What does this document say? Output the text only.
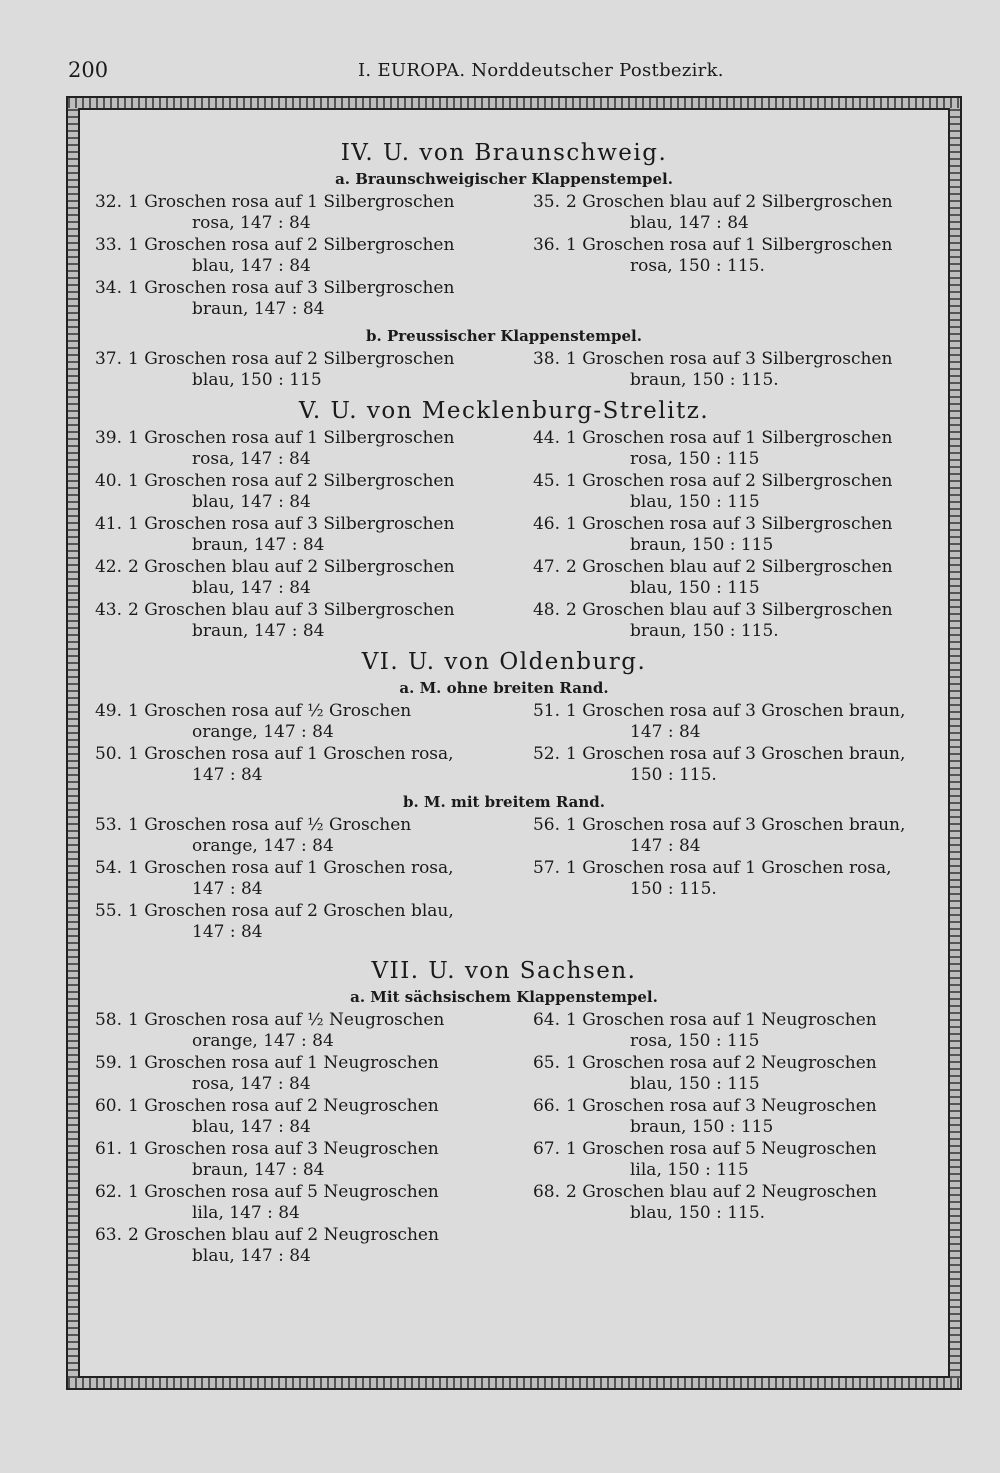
200	I. EUROPA. Norddeutscher Postbezirk.
IV. U. von Braunschweig.
a. Braunschweigischer Klappenstempel.
32. 1 Groschen rosa auf 1 Silbergroschen
rosa, 147 : 84
33. 1 Groschen rosa auf 2 Silbergroschen
blau, 147 : 84
34. 1 Groschen rosa auf 3 Silbergroschen
braun, 147 : 84
35. 2 Groschen blau auf 2 Silbergroschen
blau, 147 : 84
36. 1 Groschen rosa auf 1 Silbergroschen
rosa, 150 : 115.
b. Preussischer Klappenstempel.
37. 1 Groschen rosa auf 2 Silbergroschen
blau, 150 : 115
38. 1 Groschen rosa auf 3 Silbergroschen
braun, 150 : 115.
V. U. von Mecklenburg-Strelitz.
39. 1 Groschen rosa auf 1 Silbergroschen
rosa, 147 : 84
40. 1 Groschen rosa auf 2 Silbergroschen
blau, 147 : 84
41. 1 Groschen rosa auf 3 Silbergroschen
braun, 147 : 84
42. 2 Groschen blau auf 2 Silbergroschen
blau, 147 : 84
43. 2 Groschen blau auf 3 Silbergroschen
braun, 147 : 84
44. 1 Groschen rosa auf 1 Silbergroschen
rosa, 150 : 115
45. 1 Groschen rosa auf 2 Silbergroschen
blau, 150 : 115
46. 1 Groschen rosa auf 3 Silbergroschen
braun, 150 : 115
47. 2 Groschen blau auf 2 Silbergroschen
blau, 150 : 115
48. 2 Groschen blau auf 3 Silbergroschen
braun, 150 : 115.
VI. U. von Oldenburg.
a. M. ohne breiten Rand.
49. 1 Groschen rosa auf ½ Groschen
orange, 147 : 84
50. 1 Groschen rosa auf 1 Groschen rosa,
147 : 84
51. 1 Groschen rosa auf 3 Groschen braun,
147 : 84
52. 1 Groschen rosa auf 3 Groschen braun,
150 : 115.
b. M. mit breitem Rand.
53. 1 Groschen rosa auf ½ Groschen
orange, 147 : 84
54. 1 Groschen rosa auf 1 Groschen rosa,
147 : 84
55. 1 Groschen rosa auf 2 Groschen blau,
147 : 84
56. 1 Groschen rosa auf 3 Groschen braun,
147 : 84
57. 1 Groschen rosa auf 1 Groschen rosa,
150 : 115.
VII. U. von Sachsen.
a. Mit sächsischem Klappenstempel.
58. 1 Groschen rosa auf ½ Neugroschen
orange, 147 : 84
59. 1 Groschen rosa auf 1 Neugroschen
rosa, 147 : 84
60. 1 Groschen rosa auf 2 Neugroschen
blau, 147 : 84
61. 1 Groschen rosa auf 3 Neugroschen
braun, 147 : 84
62. 1 Groschen rosa auf 5 Neugroschen
lila, 147 : 84
63. 2 Groschen blau auf 2 Neugroschen
blau, 147 : 84
64. 1 Groschen rosa auf 1 Neugroschen
rosa, 150 : 115
65. 1 Groschen rosa auf 2 Neugroschen
blau, 150 : 115
66. 1 Groschen rosa auf 3 Neugroschen
braun, 150 : 115
67. 1 Groschen rosa auf 5 Neugroschen
lila, 150 : 115
68. 2 Groschen blau auf 2 Neugroschen
blau, 150 : 115.
